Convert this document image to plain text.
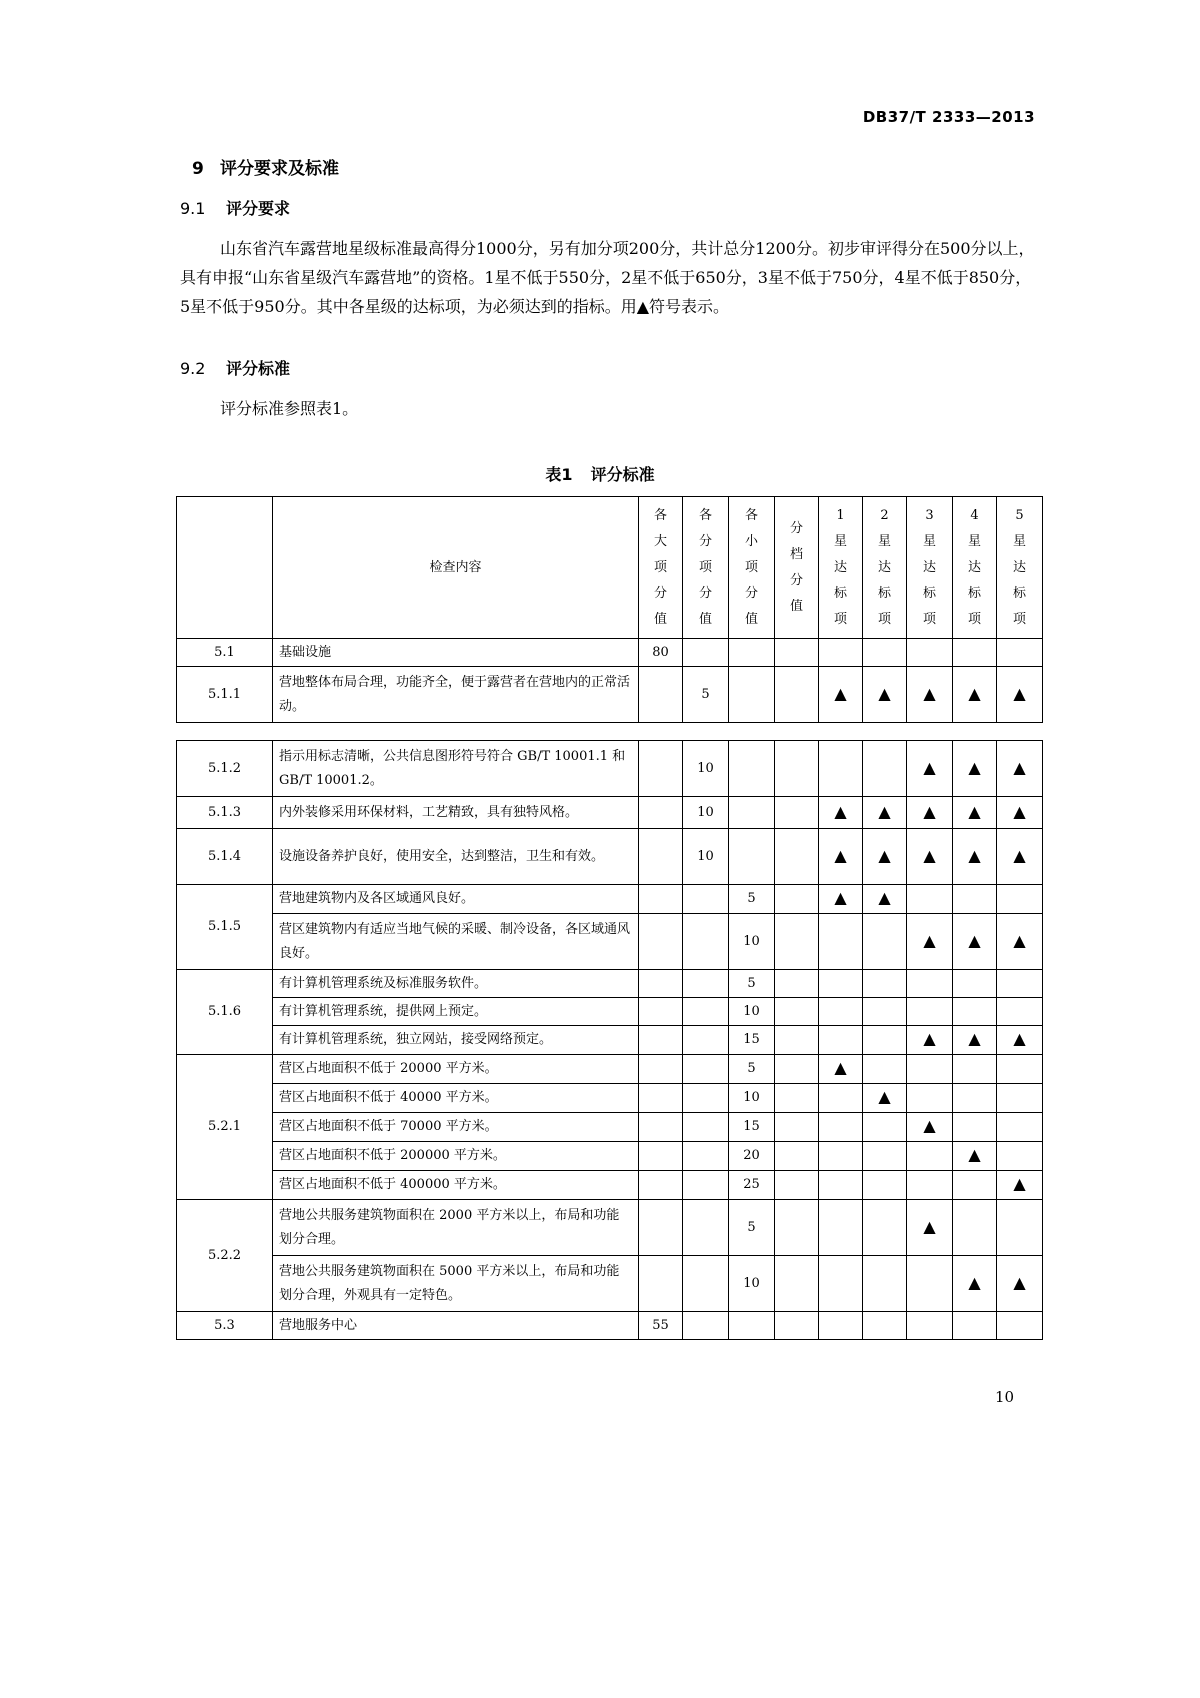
DB37/T 2333—2013
9 评分要求及标准
9.1 评分要求
山东省汽车露营地星级标准最高得分1000分，另有加分项200分，共计总分1200分。初步审评得分在500分以上，具有申报“山东省星级汽车露营地”的资格。1星不低于550分，2星不低于650分，3星不低于750分，4星不低于850分，5星不低于950分。其中各星级的达标项，为必须达到的指标。用▲符号表示。
9.2 评分标准
评分标准参照表1。
表1 评分标准
	检查内容	各大项分值	各分项分值	各小项分值	分档分值	1星达标项	2星达标项	3星达标项	4星达标项	5星达标项

5.1	基础设施	80								
5.1.1	营地整体布局合理，功能齐全，便于露营者在营地内的正常活动。		5			▲	▲	▲	▲	▲
5.1.2	指示用标志清晰，公共信息图形符号符合 GB/T 10001.1 和 GB/T 10001.2。		10					▲	▲	▲
5.1.3	内外装修采用环保材料，工艺精致，具有独特风格。		10			▲	▲	▲	▲	▲
5.1.4	设施设备养护良好，使用安全，达到整洁，卫生和有效。		10			▲	▲	▲	▲	▲
5.1.5	营地建筑物内及各区域通风良好。			5		▲	▲			
	营区建筑物内有适应当地气候的采暖、制冷设备，各区域通风良好。			10				▲	▲	▲
5.1.6	有计算机管理系统及标准服务软件。			5						
	有计算机管理系统，提供网上预定。			10						
	有计算机管理系统，独立网站，接受网络预定。			15				▲	▲	▲
5.2.1	营区占地面积不低于 20000 平方米。			5		▲				
	营区占地面积不低于 40000 平方米。			10			▲			
	营区占地面积不低于 70000 平方米。			15				▲		
	营区占地面积不低于 200000 平方米。			20					▲	
	营区占地面积不低于 400000 平方米。			25						▲
5.2.2	营地公共服务建筑物面积在 2000 平方米以上，布局和功能划分合理。			5				▲		
	营地公共服务建筑物面积在 5000 平方米以上，布局和功能划分合理，外观具有一定特色。			10					▲	▲
5.3	营地服务中心	55								
10
